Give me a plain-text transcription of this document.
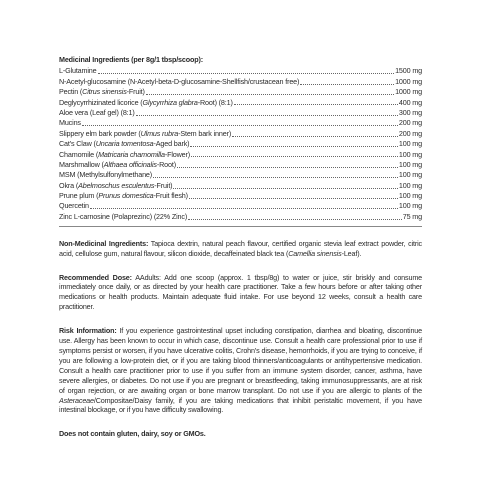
Medicinal Ingredients (per 8g/1 tbsp/scoop):
L-Glutamine	1500 mg
N-Acetyl-glucosamine (N-Acetyl-beta-D-glucosamine-Shellfish/crustacean free)	1000 mg
Pectin (Citrus sinensis-Fruit)	1000 mg
Deglycyrrhizinated licorice (Glycyrrhiza glabra-Root) (8:1)	400 mg
Aloe vera (Leaf gel) (8:1)	300 mg
Mucins	200 mg
Slippery elm bark powder (Ulmus rubra-Stem bark inner)	200 mg
Cat's Claw (Uncaria tomentosa-Aged bark)	100 mg
Chamomile (Matricaria chamomilla-Flower)	100 mg
Marshmallow (Althaea officinalis-Root)	100 mg
MSM (Methylsulfonylmethane)	100 mg
Okra (Abelmoschus esculentus-Fruit)	100 mg
Prune plum (Prunus domestica-Fruit flesh)	100 mg
Quercetin	100 mg
Zinc L-carnosine (Polaprezinc) (22% Zinc)	75 mg

Non-Medicinal Ingredients: Tapioca dextrin, natural peach flavour, certified organic stevia leaf extract powder, citric acid, cellulose gum, natural flavour, silicon dioxide, decaffeinated black tea (Camellia sinensis-Leaf).

Recommended Dose: AAdults: Add one scoop (approx. 1 tbsp/8g) to water or juice, stir briskly and consume immediately once daily, or as directed by your health care practitioner. Take a few hours before or after taking other medications or health products. Maintain adequate fluid intake. For use beyond 12 weeks, consult a health care practitioner.

Risk Information: If you experience gastrointestinal upset including constipation, diarrhea and bloating, discontinue use. Allergy has been known to occur in which case, discontinue use. Consult a health care professional prior to use if symptoms persist or worsen, if you have ulcerative colitis, Crohn's disease, hemorrhoids, if you are trying to conceive, if you are following a low-protein diet, or if you are taking blood thinners/anticoagulants or antihypertensive medication. Consult a health care practitioner prior to use if you suffer from an immune system disorder, cancer, asthma, have severe allergies, or diabetes. Do not use if you are pregnant or breastfeeding, taking immunosuppressants, are at risk of organ rejection, or are awaiting organ or bone marrow transplant. Do not use if you are allergic to plants of the Asteraceae/Compositae/Daisy family, if you are taking medications that inhibit peristaltic movement, if you have intestinal blockage, or if you have difficulty swallowing.

Does not contain gluten, dairy, soy or GMOs.
